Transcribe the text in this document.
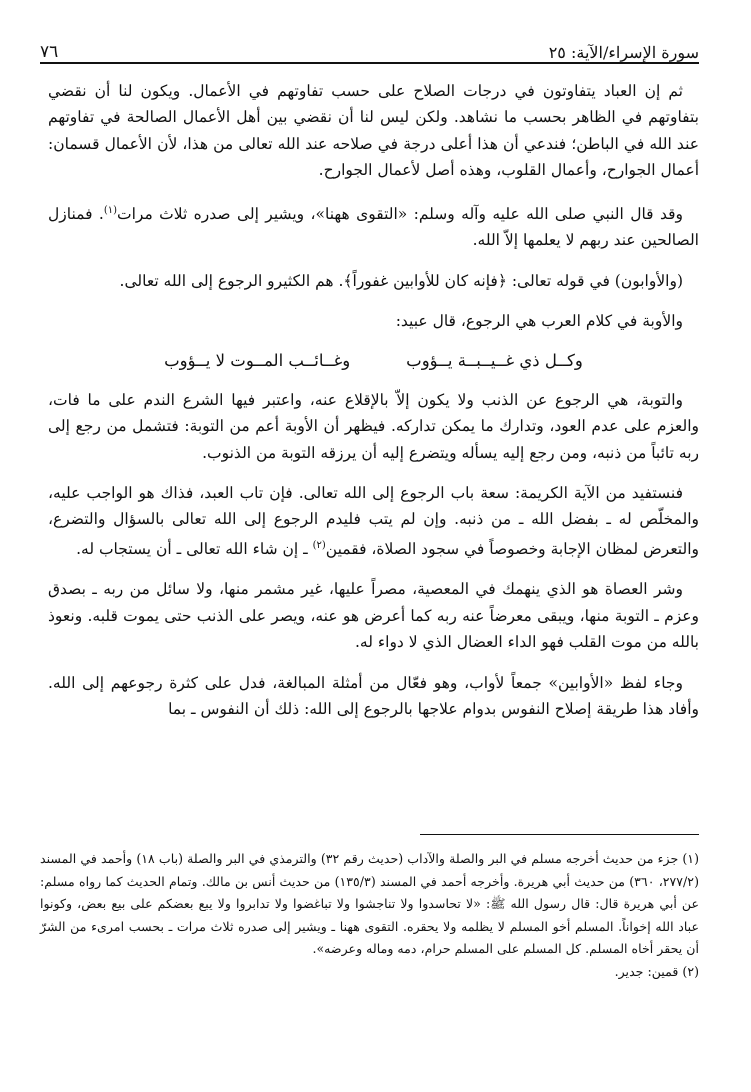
سورة الإسراء/الآية: ٢٥
٧٦

ثم إن العباد يتفاوتون في درجات الصلاح على حسب تفاوتهم في الأعمال. ويكون لنا أن نقضي بتفاوتهم في الظاهر بحسب ما نشاهد. ولكن ليس لنا أن نقضي بين أهل الأعمال الصالحة في تفاوتهم عند الله في الباطن؛ فندعي أن هذا أعلى درجة في صلاحه عند الله تعالى من هذا، لأن الأعمال قسمان: أعمال الجوارح، وأعمال القلوب، وهذه أصل لأعمال الجوارح.

وقد قال النبي صلى الله عليه وآله وسلم: «التقوى ههنا»، ويشير إلى صدره ثلاث مرات$^{(١)}$. فمنازل الصالحين عند ربهم لا يعلمها إلاّ الله.

(والأوابون) في قوله تعالى: ﴿فإنه كان للأوابين غفوراً﴾. هم الكثيرو الرجوع إلى الله تعالى.

والأوبة في كلام العرب هي الرجوع، قال عبيد:

وكــل ذي غــيــبــة يــؤوب
وغــائــب المــوت لا يــؤوب

والتوبة، هي الرجوع عن الذنب ولا يكون إلاّ بالإقلاع عنه، واعتبر فيها الشرع الندم على ما فات، والعزم على عدم العود، وتدارك ما يمكن تداركه. فيظهر أن الأوبة أعم من التوبة: فتشمل من رجع إلى ربه تائباً من ذنبه، ومن رجع إليه يسأله ويتضرع إليه أن يرزقه التوبة من الذنوب.

فنستفيد من الآية الكريمة: سعة باب الرجوع إلى الله تعالى. فإن تاب العبد، فذاك هو الواجب عليه، والمخلّص له ـ بفضل الله ـ من ذنبه. وإن لم يتب فليدم الرجوع إلى الله تعالى بالسؤال والتضرع، والتعرض لمظان الإجابة وخصوصاً في سجود الصلاة، فقمين$^{(٢)}$ ـ إن شاء الله تعالى ـ أن يستجاب له.

وشر العصاة هو الذي ينهمك في المعصية، مصراً عليها، غير مشمر منها، ولا سائل من ربه ـ بصدق وعزم ـ التوبة منها، ويبقى معرضاً عنه ربه كما أعرض هو عنه، ويصر على الذنب حتى يموت قلبه. ونعوذ بالله من موت القلب فهو الداء العضال الذي لا دواء له.

وجاء لفظ «الأوابين» جمعاً لأواب، وهو فعّال من أمثلة المبالغة، فدل على كثرة رجوعهم إلى الله. وأفاد هذا طريقة إصلاح النفوس بدوام علاجها بالرجوع إلى الله: ذلك أن النفوس ـ بما

(١) جزء من حديث أخرجه مسلم في البر والصلة والآداب (حديث رقم ٣٢) والترمذي في البر والصلة (باب ١٨) وأحمد في المسند (٢٧٧/٢، ٣٦٠) من حديث أبي هريرة. وأخرجه أحمد في المسند (١٣٥/٣) من حديث أنس بن مالك. وتمام الحديث كما رواه مسلم: عن أبي هريرة قال: قال رسول الله ﷺ: «لا تحاسدوا ولا تناجشوا ولا تباغضوا ولا تدابروا ولا يبع بعضكم على بيع بعض، وكونوا عباد الله إخواناً. المسلم أخو المسلم لا يظلمه ولا يحقره. التقوى ههنا ـ ويشير إلى صدره ثلاث مرات ـ بحسب امرىء من الشرّ أن يحقر أخاه المسلم. كل المسلم على المسلم حرام، دمه وماله وعرضه».

(٢) قمين: جدير.
